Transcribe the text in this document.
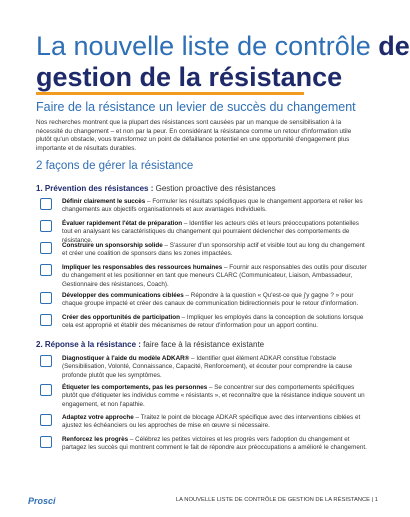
La nouvelle liste de contrôle de
gestion de la résistance
Faire de la résistance un levier de succès du changement
Nos recherches montrent que la plupart des résistances sont causées par un manque de sensibilisation à la nécessité du changement – et non par la peur. En considérant la résistance comme un retour d'information utile plutôt qu'un obstacle, vous transformez un point de défaillance potentiel en une opportunité d'engagement plus importante et de résultats durables.
2 façons de gérer la résistance
1. Prévention des résistances : Gestion proactive des résistances
Définir clairement le succès – Formuler les résultats spécifiques que le changement apportera et relier les changements aux objectifs organisationnels et aux avantages individuels.
Évaluer rapidement l'état de préparation – Identifier les acteurs clés et leurs préoccupations potentielles tout en analysant les caractéristiques du changement qui pourraient déclencher des comportements de résistance.
Construire un sponsorship solide – S'assurer d'un sponsorship actif et visible tout au long du changement et créer une coalition de sponsors dans les zones impactées.
Impliquer les responsables des ressources humaines – Fournir aux responsables des outils pour discuter du changement et les positionner en tant que meneurs CLARC (Communicateur, Liaison, Ambassadeur, Gestionnaire des résistances, Coach).
Développer des communications ciblées – Répondre à la question « Qu'est-ce que j'y gagne ? » pour chaque groupe impacté et créer des canaux de communication bidirectionnels pour le retour d'information.
Créer des opportunités de participation – Impliquer les employés dans la conception de solutions lorsque cela est approprié et établir des mécanismes de retour d'information pour un apport continu.
2. Réponse à la résistance : faire face à la résistance existante
Diagnostiquer à l'aide du modèle ADKAR® – Identifier quel élément ADKAR constitue l'obstacle (Sensibilisation, Volonté, Connaissance, Capacité, Renforcement), et écouter pour comprendre la cause profonde plutôt que les symptômes.
Étiqueter les comportements, pas les personnes – Se concentrer sur des comportements spécifiques plutôt que d'étiqueter les individus comme « résistants », et reconnaître que la résistance indique souvent un engagement, et non l'apathie.
Adaptez votre approche – Traitez le point de blocage ADKAR spécifique avec des interventions ciblées et ajustez les échéanciers ou les approches de mise en œuvre si nécessaire.
Renforcez les progrès – Célébrez les petites victoires et les progrès vers l'adoption du changement et partagez les succès qui montrent comment le fait de répondre aux préoccupations a amélioré le changement.
Prosci	LA NOUVELLE LISTE DE CONTRÔLE DE GESTION DE LA RÉSISTANCE | 1
